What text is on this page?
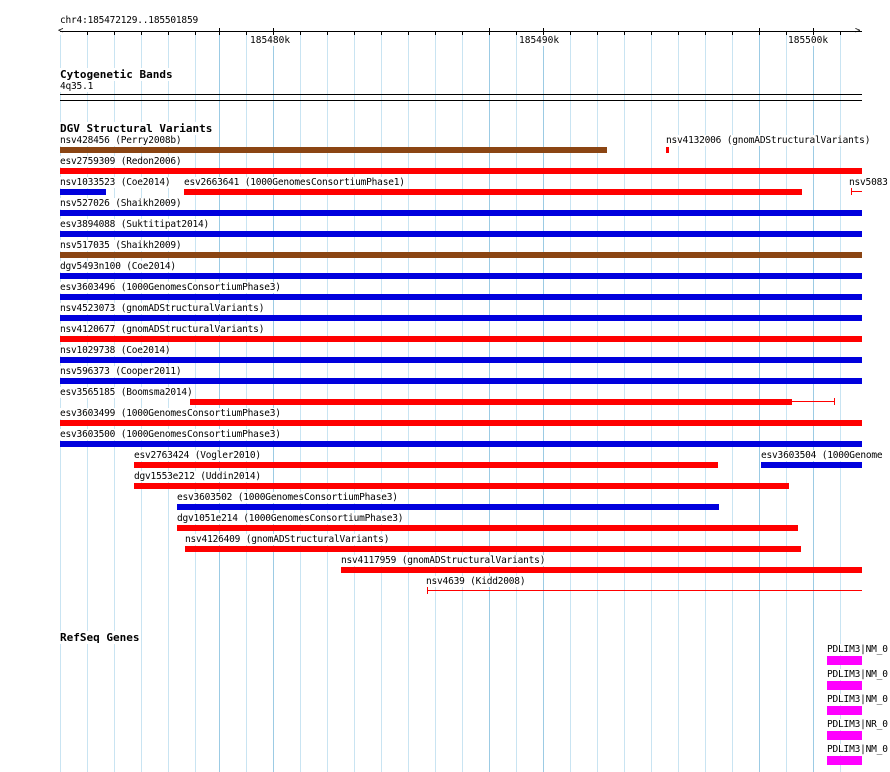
chr4:185472129..185501859
<	>
185480k	185490k	185500k
Cytogenetic Bands
4q35.1
DGV Structural Variants
nsv428456 (Perry2008b)	nsv4132006 (gnomADStructuralVariants)
esv2759309 (Redon2006)
nsv1033523 (Coe2014) esv2663641 (1000GenomesConsortiumPhase1)	nsv5083
nsv527026 (Shaikh2009)
esv3894088 (Suktitipat2014)
nsv517035 (Shaikh2009)
dgv5493n100 (Coe2014)
esv3603496 (1000GenomesConsortiumPhase3)
nsv4523073 (gnomADStructuralVariants)
nsv4120677 (gnomADStructuralVariants)
nsv1029738 (Coe2014)
nsv596373 (Cooper2011)
esv3565185 (Boomsma2014)
esv3603499 (1000GenomesConsortiumPhase3)
esv3603500 (1000GenomesConsortiumPhase3)
esv2763424 (Vogler2010)	esv3603504 (1000Genome
dgv1553e212 (Uddin2014)
esv3603502 (1000GenomesConsortiumPhase3)
dgv1051e214 (1000GenomesConsortiumPhase3)
nsv4126409 (gnomADStructuralVariants)
nsv4117959 (gnomADStructuralVariants)
nsv4639 (Kidd2008)
RefSeq Genes
PDLIM3|NM_0
PDLIM3|NM_0
PDLIM3|NM_0
PDLIM3|NR_0
PDLIM3|NM_0
